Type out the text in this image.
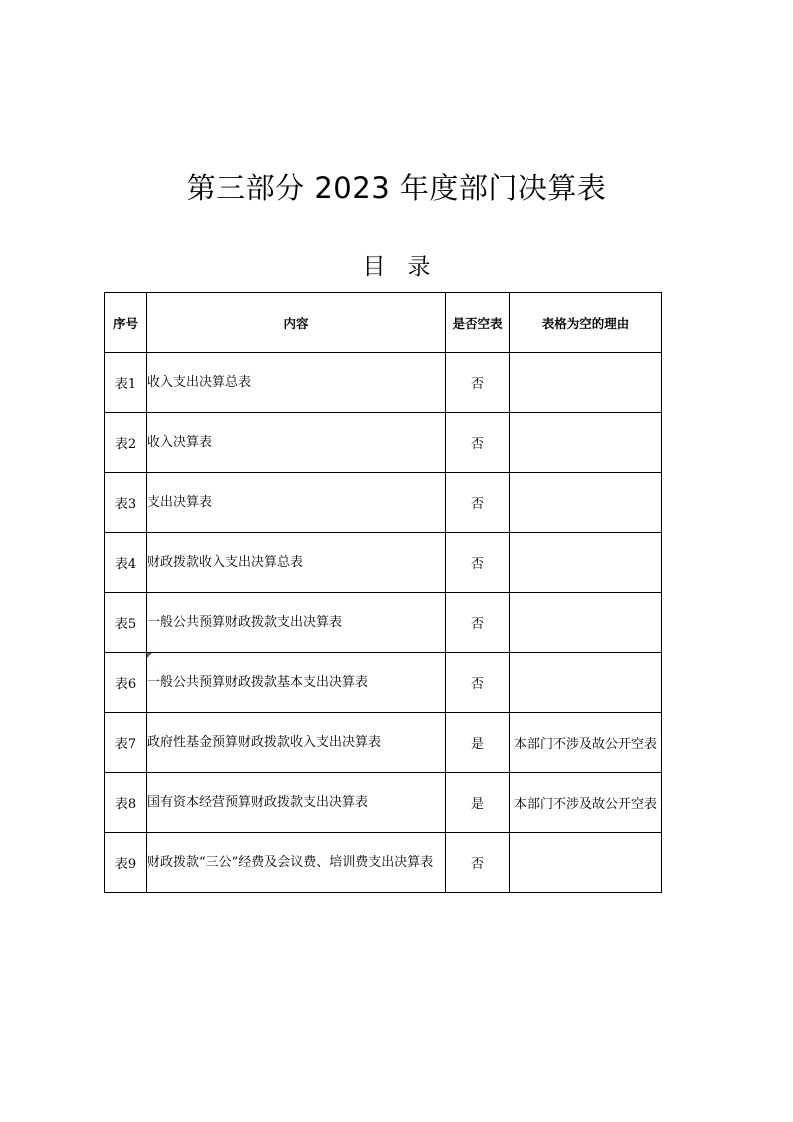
第三部分 2023 年度部门决算表
目录
序号	内容	是否空表	表格为空的理由
表1	收入支出决算总表	否	
表2	收入决算表	否	
表3	支出决算表	否	
表4	财政拨款收入支出决算总表	否	
表5	一般公共预算财政拨款支出决算表	否	
表6	一般公共预算财政拨款基本支出决算表	否	
表7	政府性基金预算财政拨款收入支出决算表	是	本部门不涉及故公开空表
表8	国有资本经营预算财政拨款支出决算表	是	本部门不涉及故公开空表
表9	财政拨款“三公”经费及会议费、培训费支出决算表	否	
